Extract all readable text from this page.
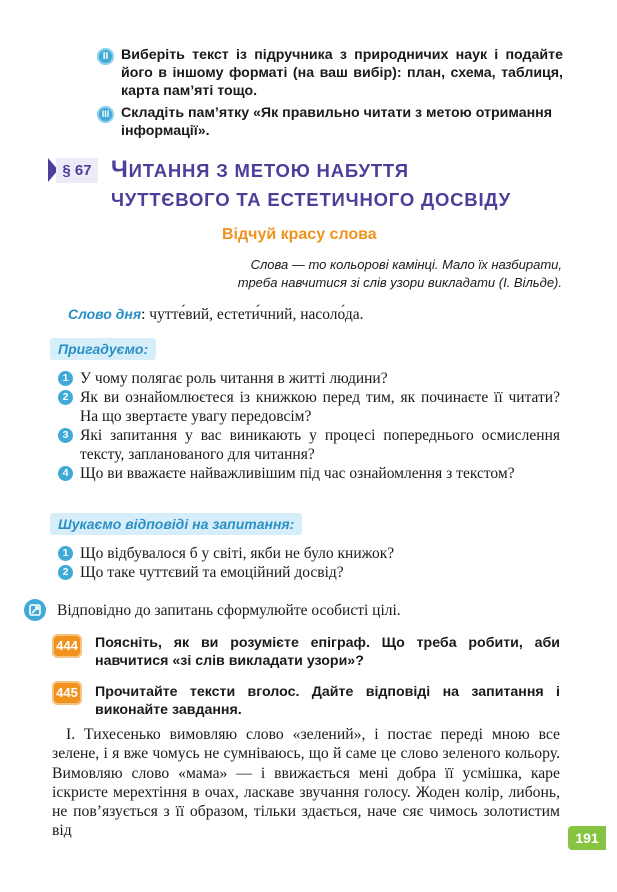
II Виберіть текст із підручника з природничих наук і подайте його в іншому форматі (на ваш вибір): план, схема, таблиця, карта пам’яті тощо.
III Складіть пам’ятку «Як правильно читати з метою отримання інформації».
§ 67 ЧИТАННЯ З МЕТОЮ НАБУТТЯ
ЧУТТЄВОГО ТА ЕСТЕТИЧНОГО ДОСВІДУ
Відчуй красу слова
Слова — то кольорові камінці. Мало їх назбирати,
треба навчитися зі слів узори викладати (І. Вільде).
Слово дня: чутте́вий, естети́чний, насоло́да.
Пригадуємо:
1 У чому полягає роль читання в житті людини?
2 Як ви ознайомлюєтеся із книжкою перед тим, як починаєте її читати? На що звертаєте увагу передовсім?
3 Які запитання у вас виникають у процесі попереднього осмислення тексту, запланованого для читання?
4 Що ви вважаєте найважливішим під час ознайомлення з текстом?
Шукаємо відповіді на запитання:
1 Що відбувалося б у світі, якби не було книжок?
2 Що таке чуттєвий та емоційний досвід?
Відповідно до запитань сформулюйте особисті цілі.
444 Поясніть, як ви розумієте епіграф. Що треба робити, аби навчитися «зі слів викладати узори»?
445 Прочитайте тексти вголос. Дайте відповіді на запитання і виконайте завдання.
І. Тихесенько вимовляю слово «зелений», і постає переді мною все зелене, і я вже чомусь не сумніваюсь, що й саме це слово зеленого кольору. Вимовляю слово «мама» — і ввижається мені добра її усмішка, каре іскристе мерехтіння в очах, ласкаве звучання голосу. Жоден колір, либонь, не пов’язується з її образом, тільки здається, наче сяє чимось золотистим від	191
